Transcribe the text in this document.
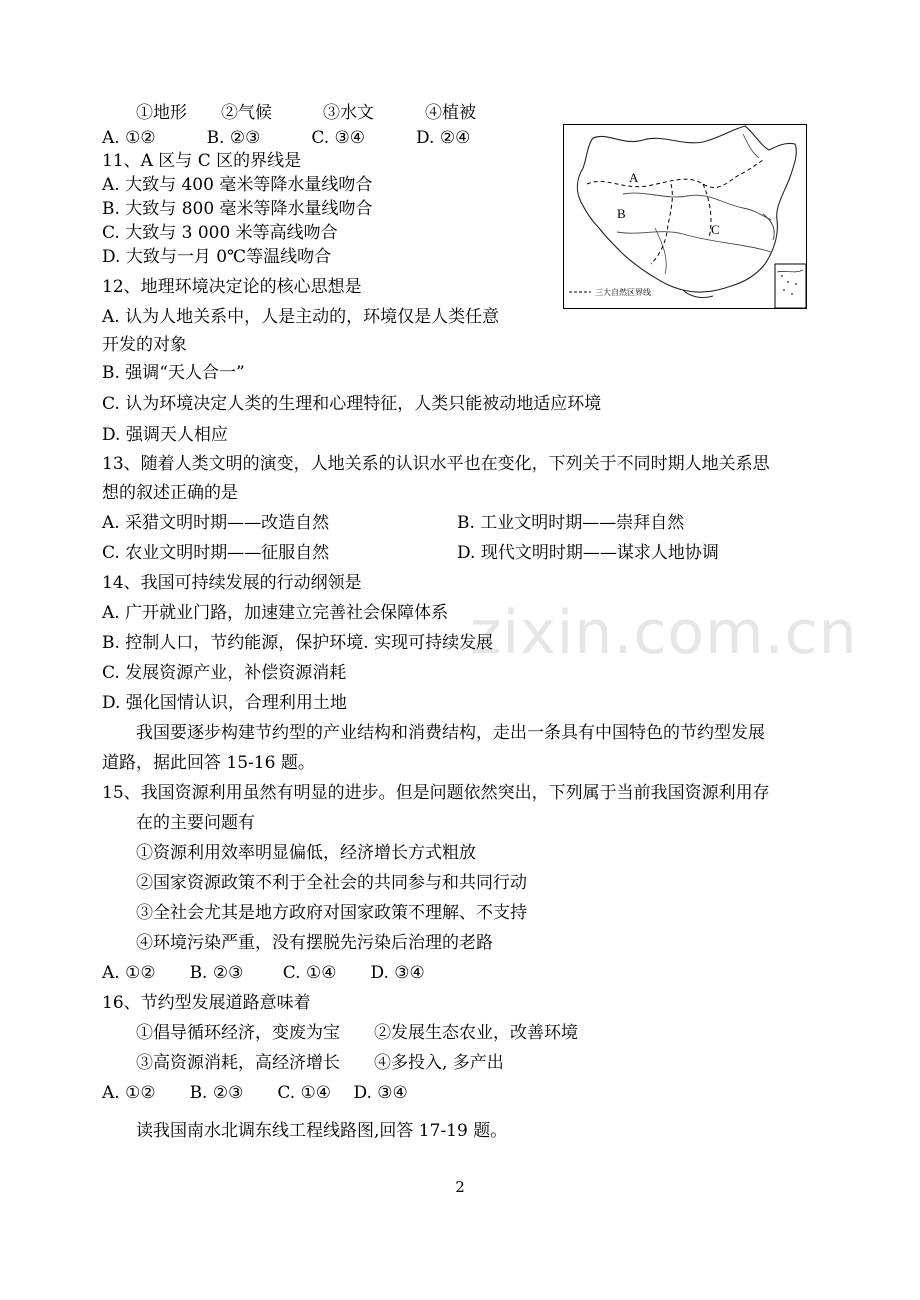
zixin.com.cn
A
B
C
三大自然区界线
①地形　　②气候　　　③水文　　　④植被
A. ①②　　　B. ②③　　　C. ③④　　　D. ②④
11、A 区与 C 区的界线是
A. 大致与 400 毫米等降水量线吻合
B. 大致与 800 毫米等降水量线吻合
C. 大致与 3 000 米等高线吻合
D. 大致与一月 0℃等温线吻合
12、地理环境决定论的核心思想是
A. 认为人地关系中，人是主动的，环境仅是人类任意
开发的对象
B. 强调“天人合一”
C. 认为环境决定人类的生理和心理特征，人类只能被动地适应环境
D. 强调天人相应
13、随着人类文明的演变，人地关系的认识水平也在变化，下列关于不同时期人地关系思
想的叙述正确的是
A. 采猎文明时期——改造自然	B. 工业文明时期——崇拜自然
C. 农业文明时期——征服自然	D. 现代文明时期——谋求人地协调
14、我国可持续发展的行动纲领是
A. 广开就业门路，加速建立完善社会保障体系
B. 控制人口，节约能源，保护环境. 实现可持续发展
C. 发展资源产业，补偿资源消耗
D. 强化国情认识，合理利用土地
我国要逐步构建节约型的产业结构和消费结构，走出一条具有中国特色的节约型发展
道路，据此回答 15-16 题。
15、我国资源利用虽然有明显的进步。但是问题依然突出，下列属于当前我国资源利用存
在的主要问题有
①资源利用效率明显偏低，经济增长方式粗放
②国家资源政策不利于全社会的共同参与和共同行动
③全社会尤其是地方政府对国家政策不理解、不支持
④环境污染严重，没有摆脱先污染后治理的老路
A. ①②　　B. ②③　　 C. ①④　　D. ③④
16、节约型发展道路意味着
①倡导循环经济，变废为宝　　②发展生态农业，改善环境
③高资源消耗，高经济增长　　④多投入, 多产出
A. ①②　　B. ②③　　C. ①④　 D. ③④
读我国南水北调东线工程线路图,回答 17-19 题。
2
